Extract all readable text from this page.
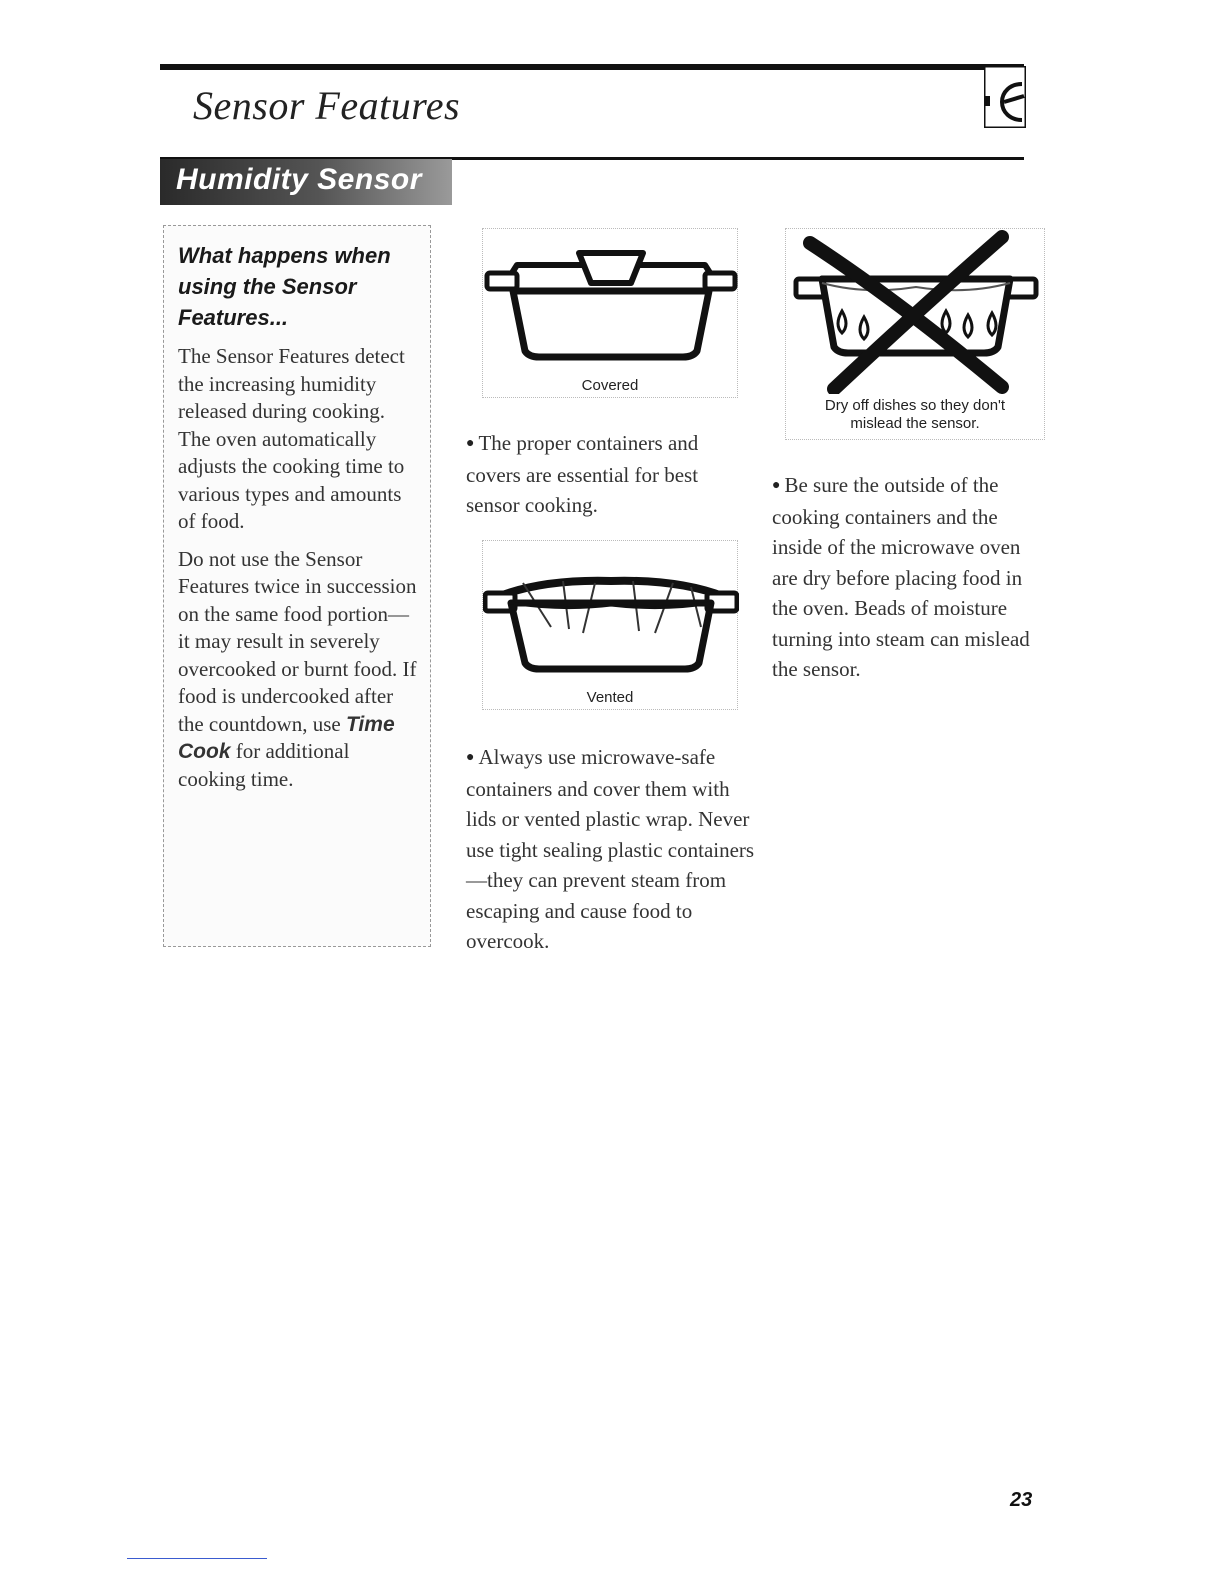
Sensor Features
Humidity Sensor

What happens when using the Sensor Features...

The Sensor Features detect the increasing humidity released during cooking. The oven automatically adjusts the cooking time to various types and amounts of food.

Do not use the Sensor Features twice in succession on the same food portion—it may result in severely overcooked or burnt food. If food is undercooked after the countdown, use Time Cook for additional cooking time.

Covered
● The proper containers and covers are essential for best sensor cooking.
Vented
● Always use microwave-safe containers and cover them with lids or vented plastic wrap. Never use tight sealing plastic containers—they can prevent steam from escaping and cause food to overcook.
Dry off dishes so they don't mislead the sensor.
● Be sure the outside of the cooking containers and the inside of the microwave oven are dry before placing food in the oven. Beads of moisture turning into steam can mislead the sensor.
23
